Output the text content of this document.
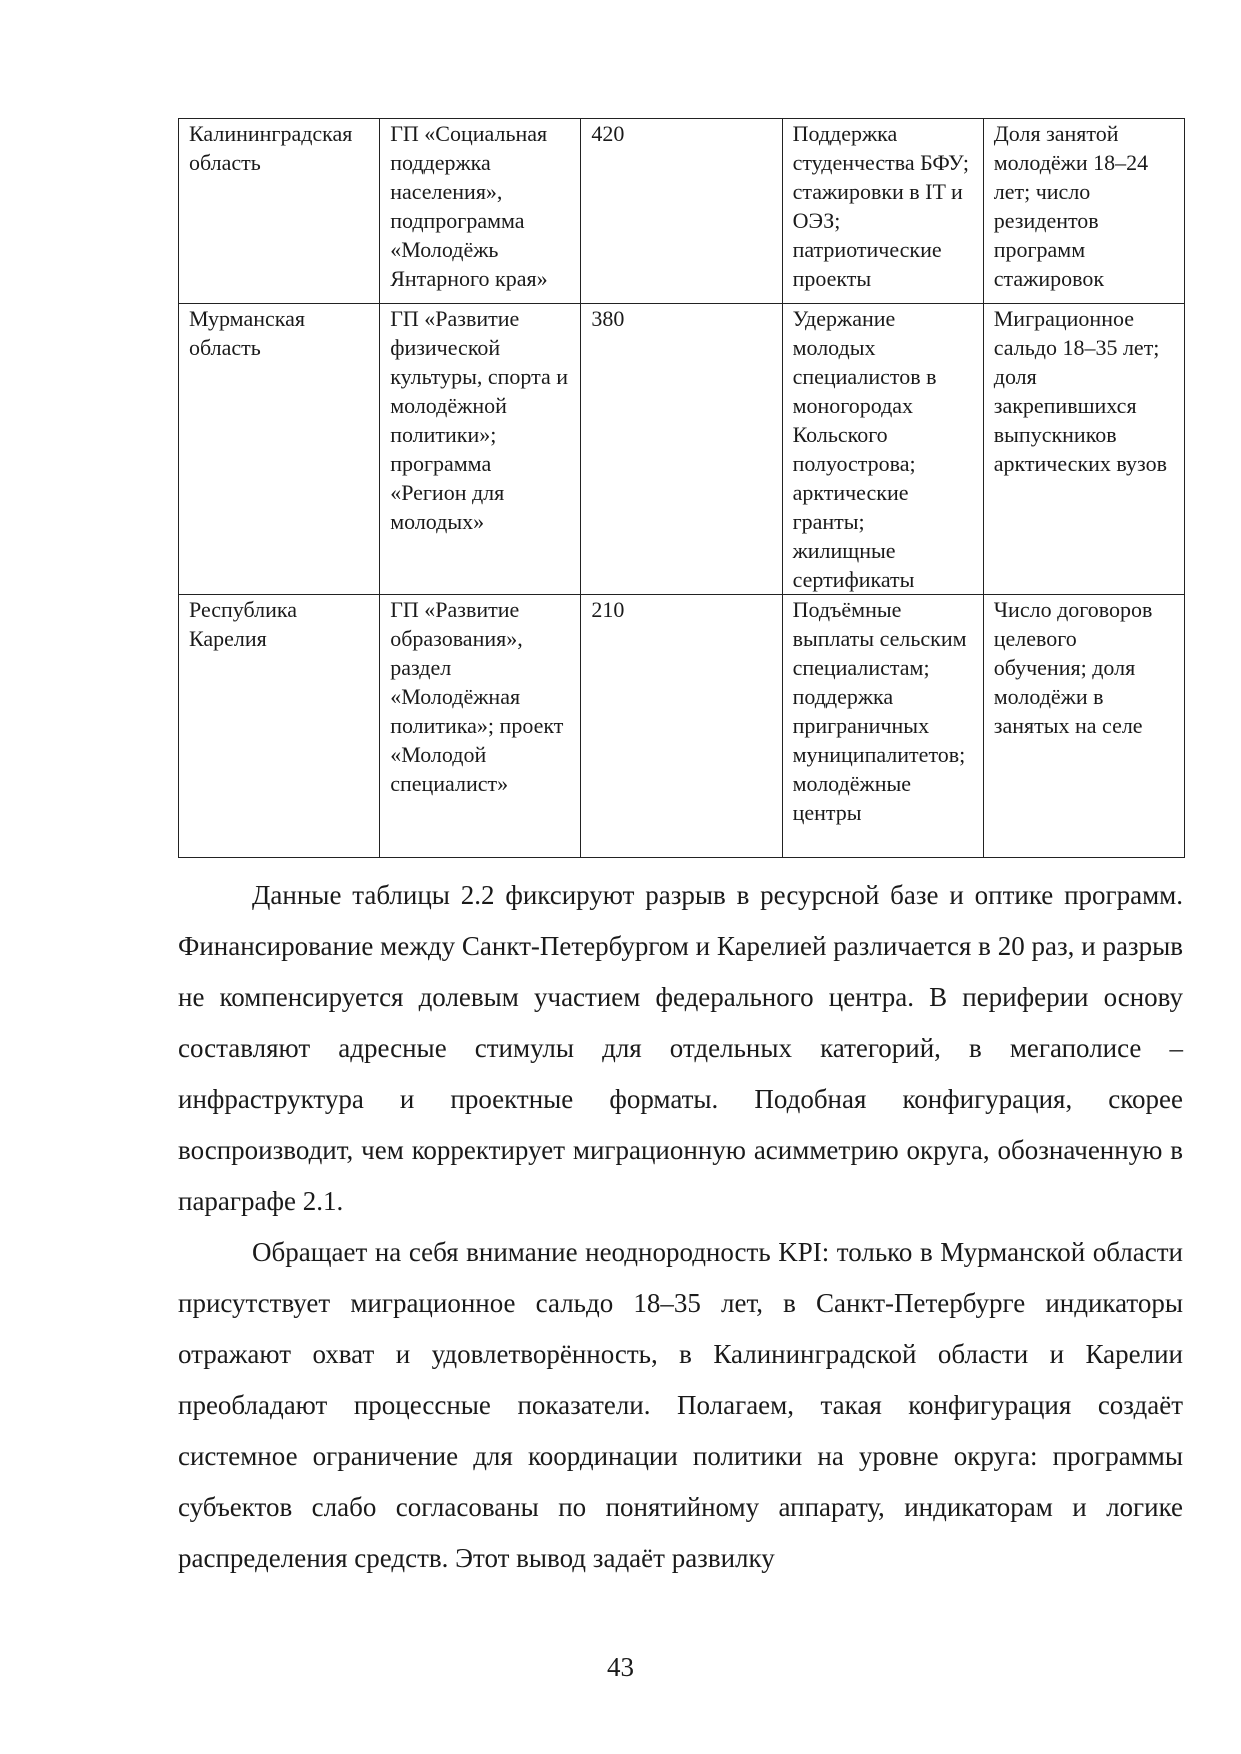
Калининградская область	ГП «Социальная поддержка населения», подпрограмма «Молодёжь Янтарного края»	420	Поддержка студенчества БФУ; стажировки в IT и ОЭЗ; патриотические проекты	Доля занятой молодёжи 18–24 лет; число резидентов программ стажировок
Мурманская область	ГП «Развитие физической культуры, спорта и молодёжной политики»; программа «Регион для молодых»	380	Удержание молодых специалистов в моногородах Кольского полуострова; арктические гранты; жилищные сертификаты	Миграционное сальдо 18–35 лет; доля закрепившихся выпускников арктических вузов
Республика Карелия	ГП «Развитие образования», раздел «Молодёжная политика»; проект «Молодой специалист»	210	Подъёмные выплаты сельским специалистам; поддержка приграничных муниципалитетов; молодёжные центры	Число договоров целевого обучения; доля молодёжи в занятых на селе

Данные таблицы 2.2 фиксируют разрыв в ресурсной базе и оптике программ. Финансирование между Санкт-Петербургом и Карелией различается в 20 раз, и разрыв не компенсируется долевым участием федерального центра. В периферии основу составляют адресные стимулы для отдельных категорий, в мегаполисе – инфраструктура и проектные форматы. Подобная конфигурация, скорее воспроизводит, чем корректирует миграционную асимметрию округа, обозначенную в параграфе 2.1.

Обращает на себя внимание неоднородность KPI: только в Мурманской области присутствует миграционное сальдо 18–35 лет, в Санкт-Петербурге индикаторы отражают охват и удовлетворённость, в Калининградской области и Карелии преобладают процессные показатели. Полагаем, такая конфигурация создаёт системное ограничение для координации политики на уровне округа: программы субъектов слабо согласованы по понятийному аппарату, индикаторам и логике распределения средств. Этот вывод задаёт развилку

43
